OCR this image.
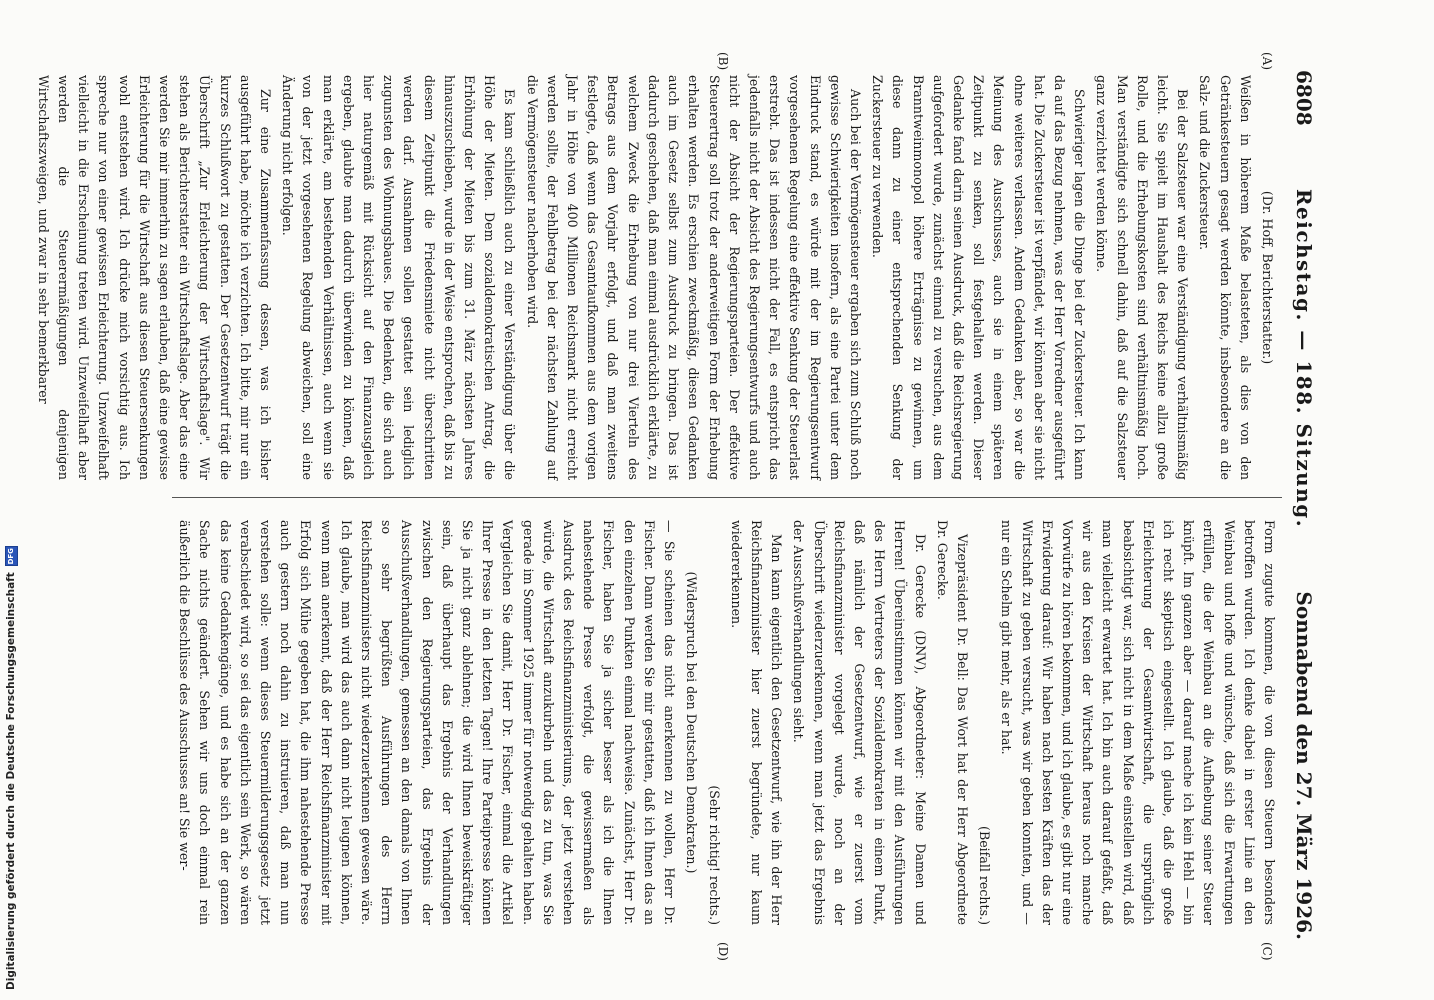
6808
Reichstag. — 188. Sitzung.
Sonnabend den 27. März 1926.
(A)
(B)
(C)
(D)

(Dr. Hoff, Berichterstatter.)

Weißen in höherem Maße belasteten, als dies von den Getränkesteuern gesagt werden könnte, insbesondere an die Salz- und die Zuckersteuer.

Bei der Salzsteuer war eine Verständigung verhältnismäßig leicht. Sie spielt im Haushalt des Reichs keine allzu große Rolle, und die Erhebungskosten sind verhältnismäßig hoch. Man verständigte sich schnell dahin, daß auf die Salzsteuer ganz verzichtet werden könne.

Schwieriger lagen die Dinge bei der Zuckersteuer. Ich kann da auf das Bezug nehmen, was der Herr Vorredner ausgeführt hat. Die Zuckersteuer ist verpfändet, wir können aber sie nicht ohne weiteres verlassen. Andem Gedanken aber, so war die Meinung des Ausschusses, auch sie in einem späteren Zeitpunkt zu senken, soll festgehalten werden. Dieser Gedanke fand darin seinen Ausdruck, daß die Reichsregierung aufgefordert wurde, zunächst einmal zu versuchen, aus dem Branntweinmonopol höhere Erträgnisse zu gewinnen, um diese dann zu einer entsprechenden Senkung der Zuckersteuer zu verwenden.

Auch bei der Vermögensteuer ergaben sich zum Schluß noch gewisse Schwierigkeiten insofern, als eine Partei unter dem Eindruck stand, es würde mit der im Regierungsentwurf vorgesehenen Regelung eine effektive Senkung der Steuerlast erstrebt. Das ist indessen nicht der Fall, es entspricht das jedenfalls nicht der Absicht des Regierungsentwurfs und auch nicht der Absicht der Regierungsparteien. Der effektive Steuerertrag soll trotz der anderweitigen Form der Erhebung erhalten werden. Es erschien zweckmäßig, diesen Gedanken auch im Gesetz selbst zum Ausdruck zu bringen. Das ist dadurch geschehen, daß man einmal ausdrücklich erklärte, zu welchem Zweck die Erhebung von nur drei Vierteln des Betrags aus dem Vorjahr erfolgt, und daß man zweitens festlegte, daß wenn das Gesamtaufkommen aus dem vorigen Jahr in Höhe von 400 Millionen Reichsmark nicht erreicht werden sollte, der Fehlbetrag bei der nächsten Zahlung auf die Vermögensteuer nacherhoben wird.

Es kam schließlich auch zu einer Verständigung über die Höhe der Mieten. Dem sozialdemokratischen Antrag, die Erhöhung der Mieten bis zum 31. März nächsten Jahres hinauszuschieben, wurde in der Weise entsprochen, daß bis zu diesem Zeitpunkt die Friedensmiete nicht überschritten werden darf. Ausnahmen sollen gestattet sein lediglich zugunsten des Wohnungsbaues. Die Bedenken, die sich auch hier naturgemäß mit Rücksicht auf den Finanzausgleich ergeben, glaubte man dadurch überwinden zu können, daß man erklärte, am bestehenden Verhältnissen, auch wenn sie von der jetzt vorgesehenen Regelung abweichen, soll eine Änderung nicht erfolgen.

Zur eine Zusammenfassung dessen, was ich bisher ausgeführt habe, möchte ich verzichten. Ich bitte, mir nur ein kurzes Schlußwort zu gestatten. Der Gesetzentwurf trägt die Überschrift „Zur Erleichterung der Wirtschaftslage". Wir stehen als Berichterstatter ein Wirtschaftslage. Aber das eine werden Sie mir immerhin zu sagen erlauben, daß eine gewisse Erleichterung für die Wirtschaft aus diesen Steuersenkungen wohl entstehen wird. Ich drücke mich vorsichtig aus. Ich spreche nur von einer gewissen Erleichterung. Unzweifelhaft vielleicht in die Erscheinung treten wird. Unzweifelhaft aber werden die Steuerermäßigungen denjenigen Wirtschaftszweigen, und zwar in sehr bemerkbarer

Form zugute kommen, die von diesen Steuern besonders betroffen wurden. Ich denke dabei in erster Linie an den Weinbau und hoffe und wünsche, daß sich die Erwartungen erfüllen, die der Weinbau an die Aufhebung seiner Steuer knüpft. Im ganzen aber — darauf mache ich kein Hehl — bin ich recht skeptisch eingestellt. Ich glaube, daß die große Erleichterung der Gesamtwirtschaft, die ursprünglich beabsichtigt war, sich nicht in dem Maße einstellen wird, daß man vielleicht erwartet hat. Ich bin auch darauf gefaßt, daß wir aus den Kreisen der Wirtschaft heraus noch manche Vorwürfe zu hören bekommen, und ich glaube, es gibt nur eine Erwiderung darauf: Wir haben nach besten Kräften das der Wirtschaft zu geben versucht, was wir geben konnten, und — nur ein Schelm gibt mehr, als er hat.

(Beifall rechts.)

Vizepräsident Dr. Bell: Das Wort hat der Herr Abgeordnete Dr. Gerecke.

Dr. Gerecke (DNV), Abgeordneter: Meine Damen und Herren! Übereinstimmen können wir mit den Ausführungen des Herrn Vertreters der Sozialdemokraten in einem Punkt, daß nämlich der Gesetzentwurf, wie er zuerst vom Reichsfinanzminister vorgelegt wurde, noch an der Überschrift wiederzuerkennen, wenn man jetzt das Ergebnis der Ausschußverhandlungen sieht.

Man kann eigentlich den Gesetzentwurf, wie ihn der Herr Reichsfinanzminister hier zuerst begründete, nur kaum wiedererkennen.

(Sehr richtig! rechts.)

(Widerspruch bei den Deutschen Demokraten.)

— Sie scheinen das nicht anerkennen zu wollen, Herr Dr. Fischer. Dann werden Sie mir gestatten, daß ich Ihnen das an den einzelnen Punkten einmal nachweise. Zunächst, Herr Dr. Fischer, haben Sie ja sicher besser als ich die Ihnen nahestehende Presse verfolgt, die gewissermaßen als Ausdruck des Reichsfinanzministeriums, der jetzt verstehen würde, die Wirtschaft anzukurbeln und das zu tun, was Sie gerade im Sommer 1925 immer für notwendig gehalten haben. Vergleichen Sie damit, Herr Dr. Fischer, einmal die Artikel Ihrer Presse in den letzten Tagen! Ihre Parteipresse können Sie ja nicht ganz ablehnen; die wird Ihnen beweiskräftiger sein, daß überhaupt das Ergebnis der Verhandlungen zwischen den Regierungsparteien, das Ergebnis der Ausschußverhandlungen, gemessen an den damals von Ihnen so sehr begrüßten Ausführungen des Herrn Reichsfinanzministers nicht wiederzuerkennen gewesen wäre. Ich glaube, man wird das auch dann nicht leugnen können, wenn man anerkennt, daß der Herr Reichsfinanzminister mit Erfolg sich Mühe gegeben hat, die ihm nahestehende Presse auch gestern noch dahin zu instruieren, daß man nun verstehen solle: wenn dieses Steuermilderungsgesetz jetzt verabschiedet wird, so sei das eigentlich sein Werk, so wären das keine Gedankengänge, und es habe sich an der ganzen Sache nichts geändert. Sehen wir uns doch einmal rein äußerlich die Beschlüsse des Ausschusses an! Sie wer-

Digitalisierung gefördert durch die Deutsche Forschungsgemeinschaft
DFG
